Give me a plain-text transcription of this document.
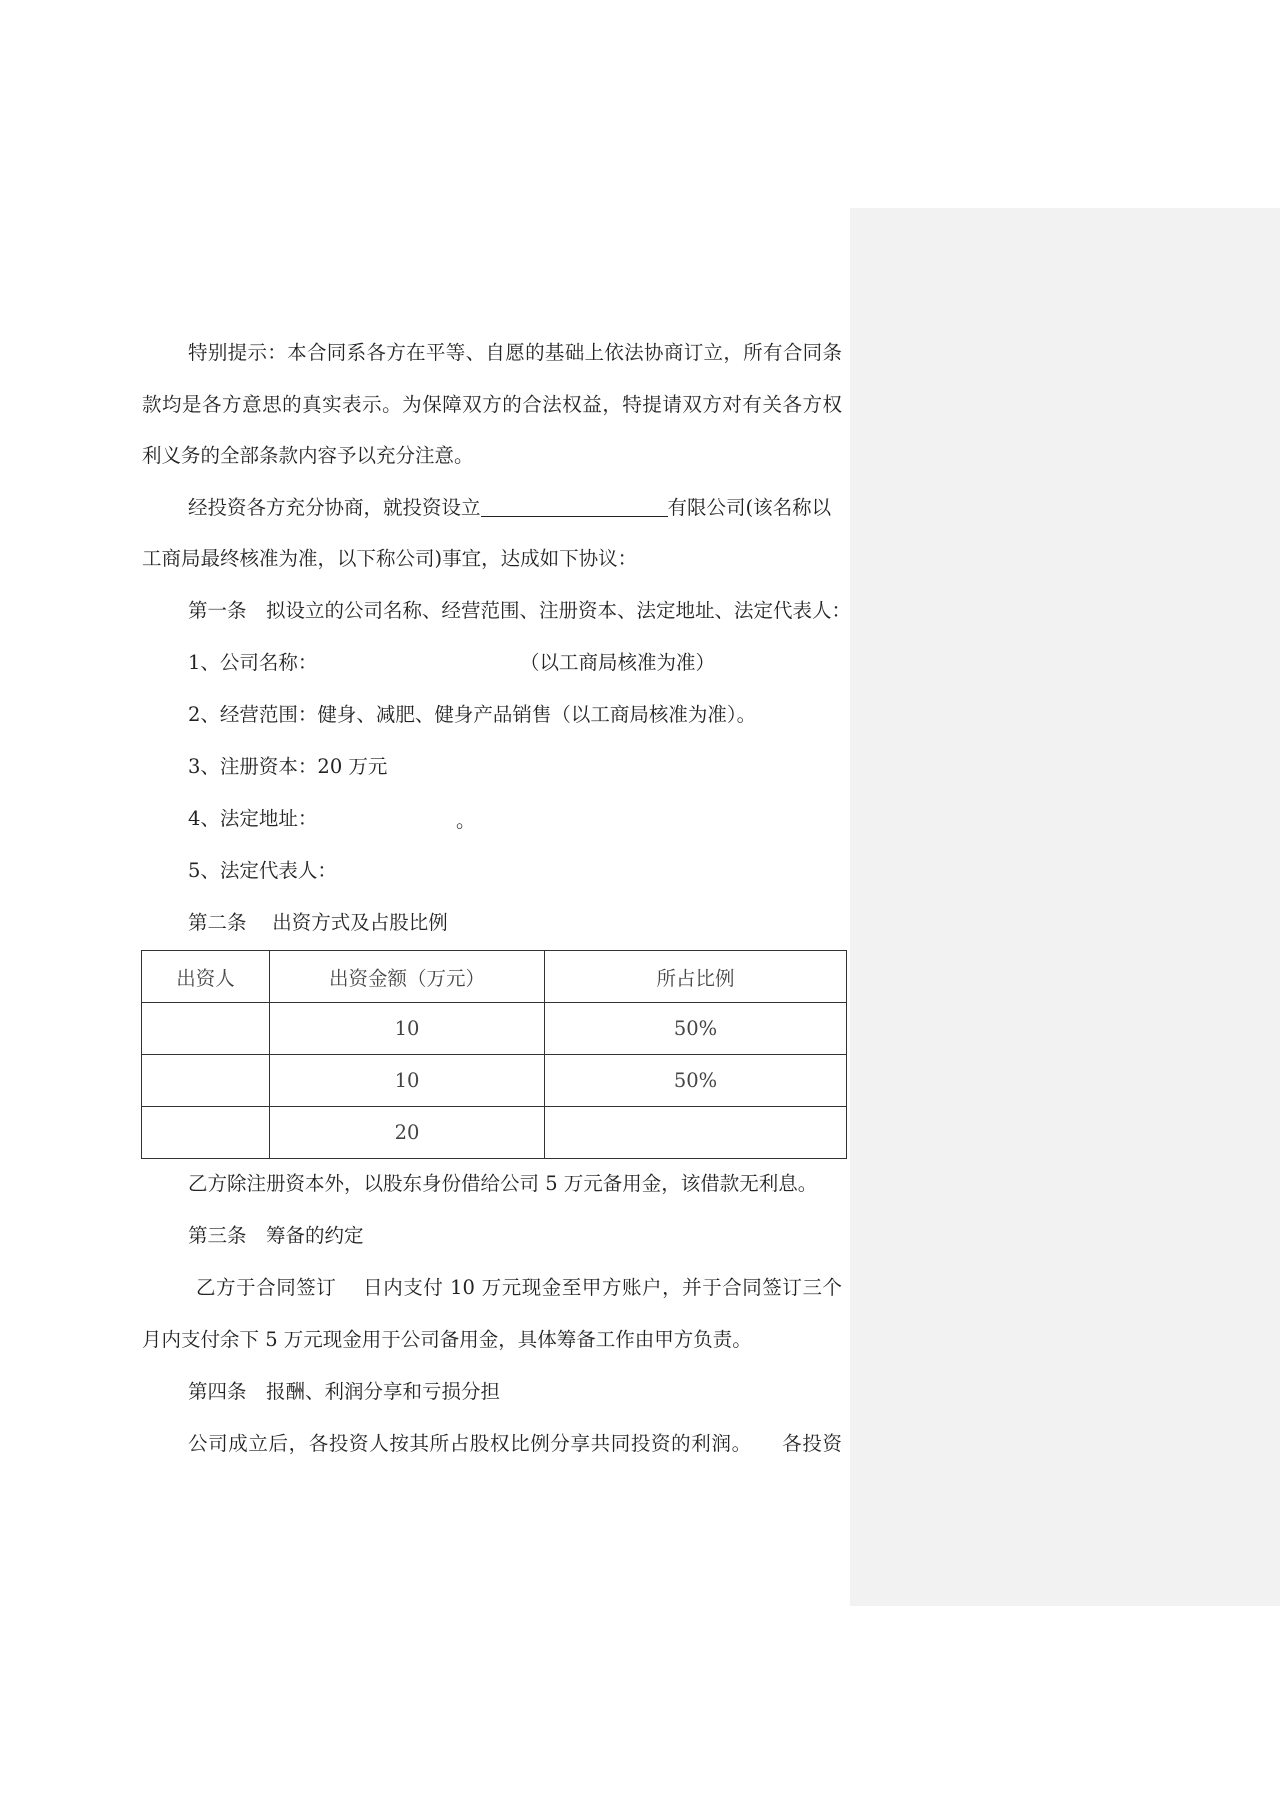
特别提示：本合同系各方在平等、自愿的基础上依法协商订立，所有合同条
款均是各方意思的真实表示。为保障双方的合法权益，特提请双方对有关各方权
利义务的全部条款内容予以充分注意。
经投资各方充分协商，就投资设立	有限公司(该名称以
工商局最终核准为准，以下称公司)事宜，达成如下协议：
第一条　拟设立的公司名称、经营范围、注册资本、法定地址、法定代表人：
1、公司名称：	（以工商局核准为准）
2、经营范围：健身、减肥、健身产品销售（以工商局核准为准）。
3、注册资本：20 万元
4、法定地址：	。
5、法定代表人：
第二条　 出资方式及占股比例
出资人	出资金额（万元）	所占比例
	10	50%
	10	50%
	20	
乙方除注册资本外，以股东身份借给公司 5 万元备用金，该借款无利息。
第三条　筹备的约定
乙方于合同签订　 日内支付 10 万元现金至甲方账户，并于合同签订三个
月内支付余下 5 万元现金用于公司备用金，具体筹备工作由甲方负责。
第四条　报酬、利润分享和亏损分担
公司成立后，各投资人按其所占股权比例分享共同投资的利润。　　各投资
